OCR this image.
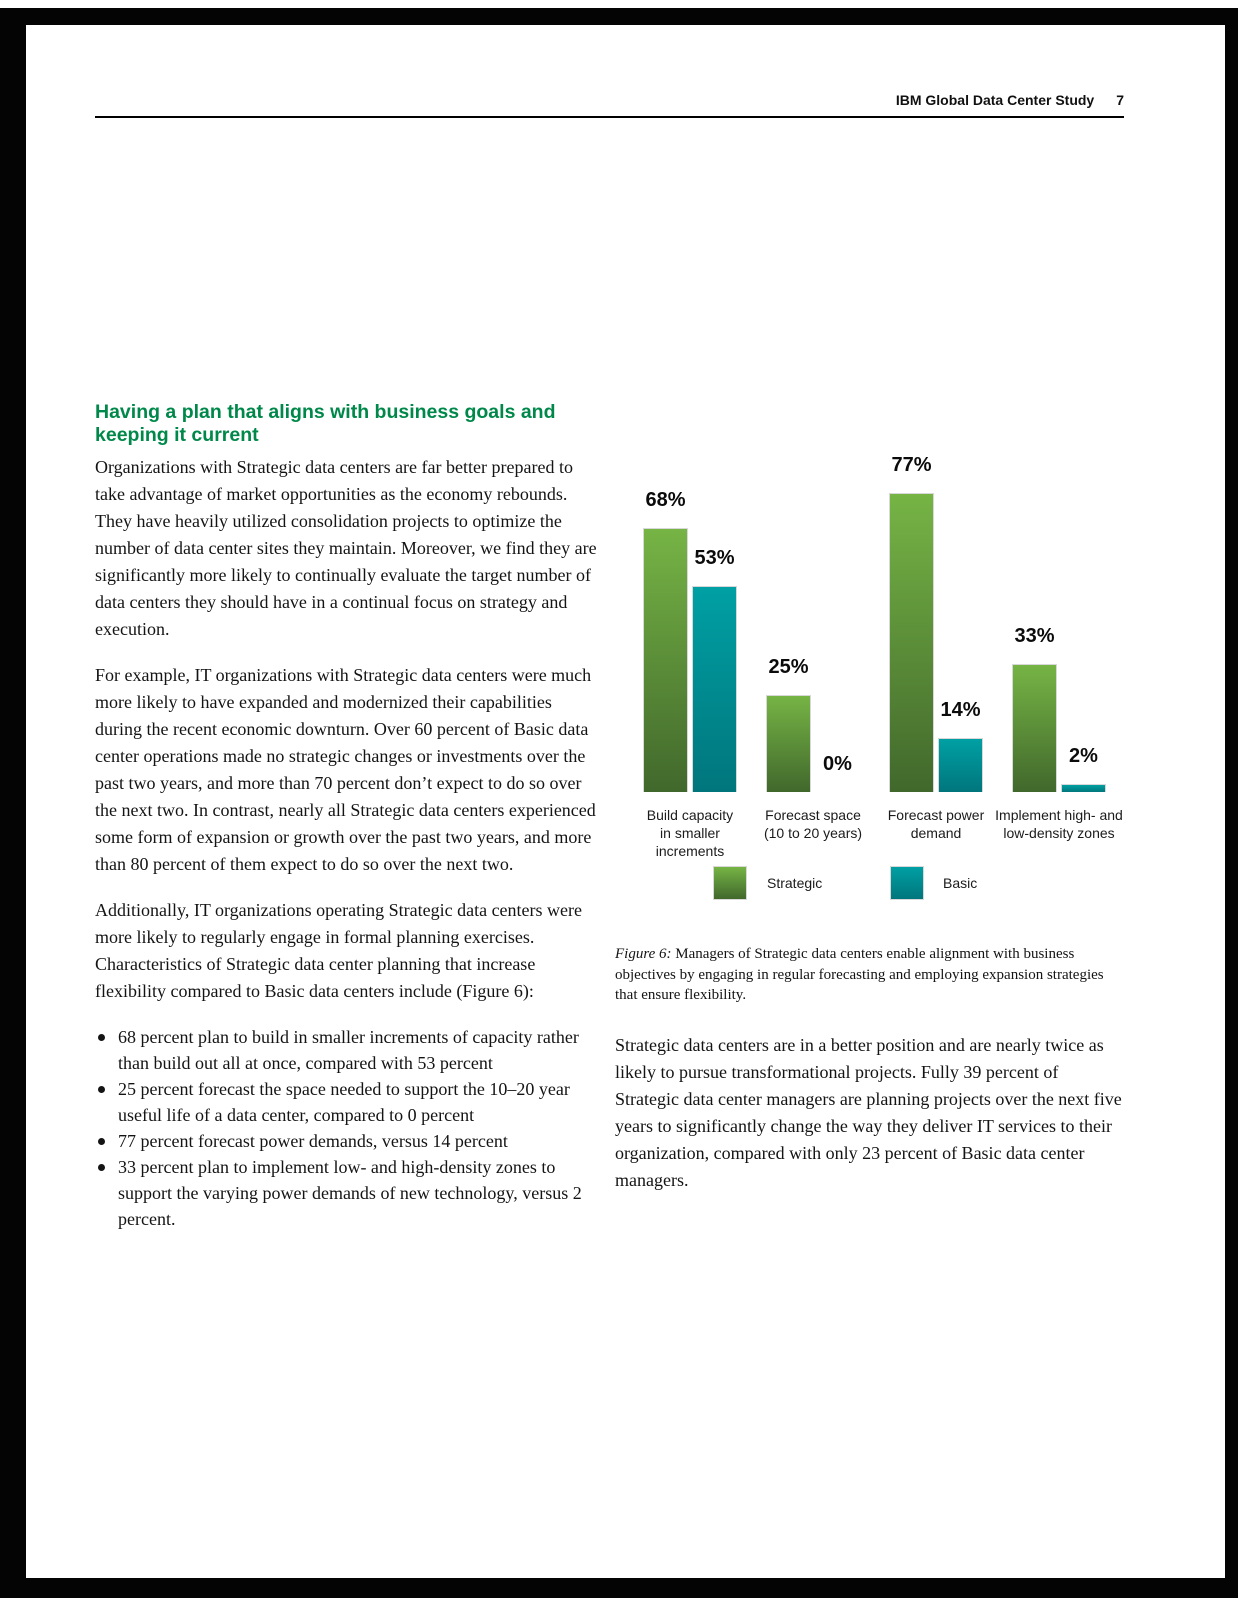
IBM Global Data Center Study 7
Having a plan that aligns with business goals and keeping it current

Organizations with Strategic data centers are far better prepared to take advantage of market opportunities as the economy rebounds. They have heavily utilized consolidation projects to optimize the number of data center sites they maintain. Moreover, we find they are significantly more likely to continually evaluate the target number of data centers they should have in a continual focus on strategy and execution.

For example, IT organizations with Strategic data centers were much more likely to have expanded and modernized their capabilities during the recent economic downturn. Over 60 percent of Basic data center operations made no strategic changes or investments over the past two years, and more than 70 percent don’t expect to do so over the next two. In contrast, nearly all Strategic data centers experienced some form of expansion or growth over the past two years, and more than 80 percent of them expect to do so over the next two.

Additionally, IT organizations operating Strategic data centers were more likely to regularly engage in formal planning exercises. Characteristics of Strategic data center planning that increase flexibility compared to Basic data centers include (Figure 6):

68 percent plan to build in smaller increments of capacity rather than build out all at once, compared with 53 percent
25 percent forecast the space needed to support the 10–20 year useful life of a data center, compared to 0 percent
77 percent forecast power demands, versus 14 percent
33 percent plan to implement low- and high-density zones to support the varying power demands of new technology, versus 2 percent.
68%
53%
Build capacity
in smaller
increments
25%
0%
Forecast space
(10 to 20 years)
77%
14%
Forecast power
demand
33%
2%
Implement high- and
low-density zones
Strategic	Basic

Figure 6: Managers of Strategic data centers enable alignment with business objectives by engaging in regular forecasting and employing expansion strategies that ensure flexibility.

Strategic data centers are in a better position and are nearly twice as likely to pursue transformational projects. Fully 39 percent of Strategic data center managers are planning projects over the next five years to significantly change the way they deliver IT services to their organization, compared with only 23 percent of Basic data center managers.
